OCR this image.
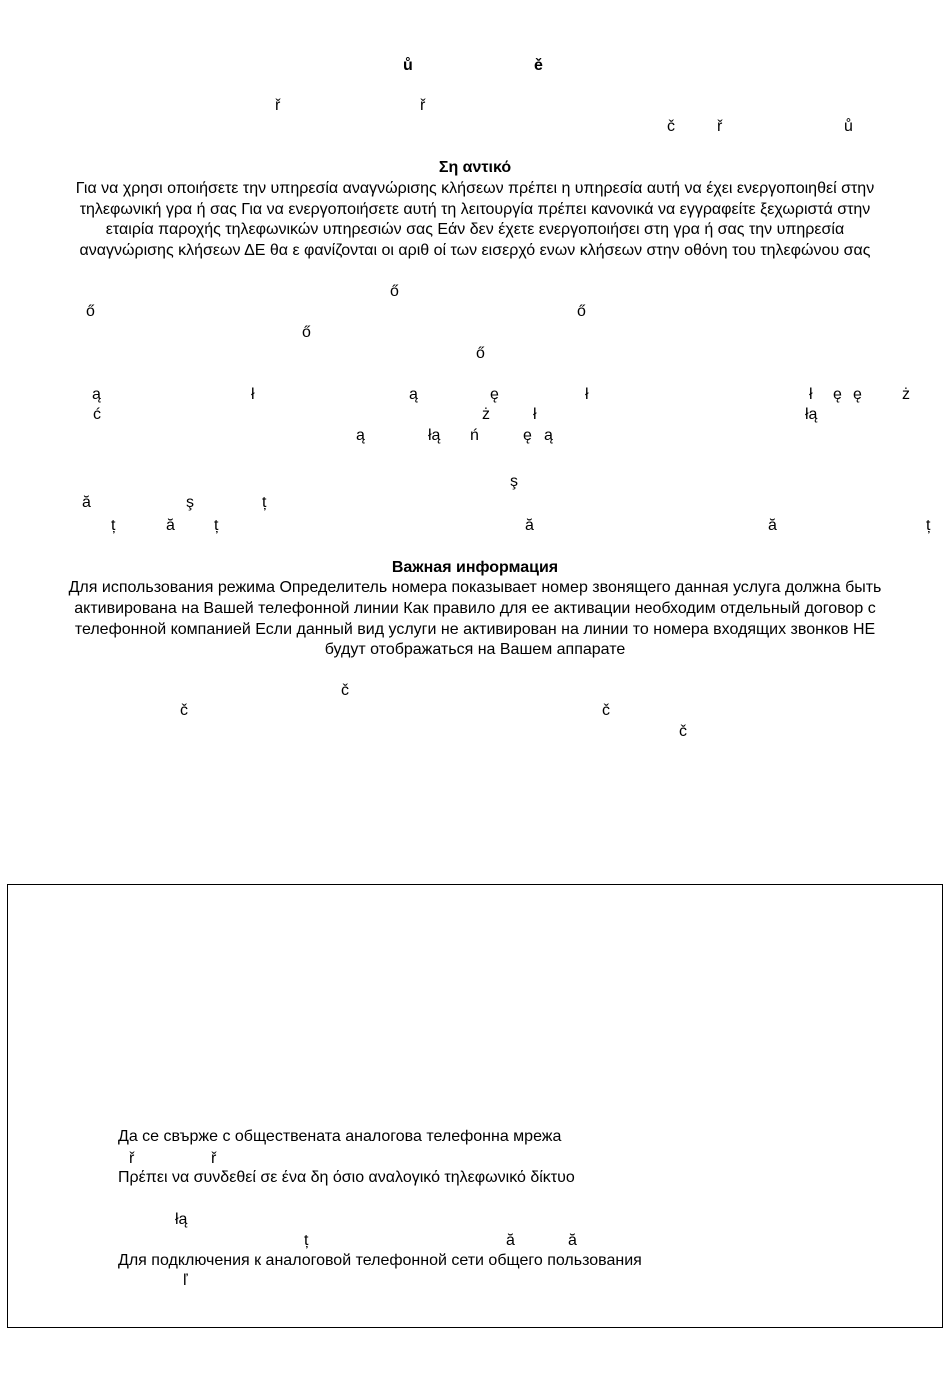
ů	ě
ř	ř
č	ř	ů
Ση αντικό
Για να χρησι οποιήσετε την υπηρεσία αναγνώρισης κλήσεων πρέπει η υπηρεσία αυτή να έχει ενεργοποιηθεί στην
τηλεφωνική γρα ή σας Για να ενεργοποιήσετε αυτή τη λειτουργία πρέπει κανονικά να εγγραφείτε ξεχωριστά στην
εταιρία παροχής τηλεφωνικών υπηρεσιών σας Εάν δεν έχετε ενεργοποιήσει στη γρα ή σας την υπηρεσία
αναγνώρισης κλήσεων ΔΕ θα ε φανίζονται οι αριθ οί των εισερχό ενων κλήσεων στην οθόνη του τηλεφώνου σας
ő
ő	ő
ő
ő
ą	ł	ą	ę	ł	ł ę ę	ż
ć	ż	ł	łą
ą	łą ń	ę ą
ş
ă	ş	ț
ț	ă ț	ă	ă	ț
Важная информация
Для использования режима Определитель номера показывает номер звонящего данная услуга должна быть
активирована на Вашей телефонной линии Как правило для ее активации необходим отдельный договор с
телефонной компанией Если данный вид услуги не активирован на линии то номера входящих звонков НЕ
будут отображаться на Вашем аппарате
č
č	č
č
Да се свърже с обществената аналогова телефонна мрежа
ř	ř
Πρέπει να συνδεθεί σε ένα δη όσιο αναλογικό τηλεφωνικό δίκτυο
łą
ț	ă	ă
Для подключения к аналоговой телефонной сети общего пользования
ľ
